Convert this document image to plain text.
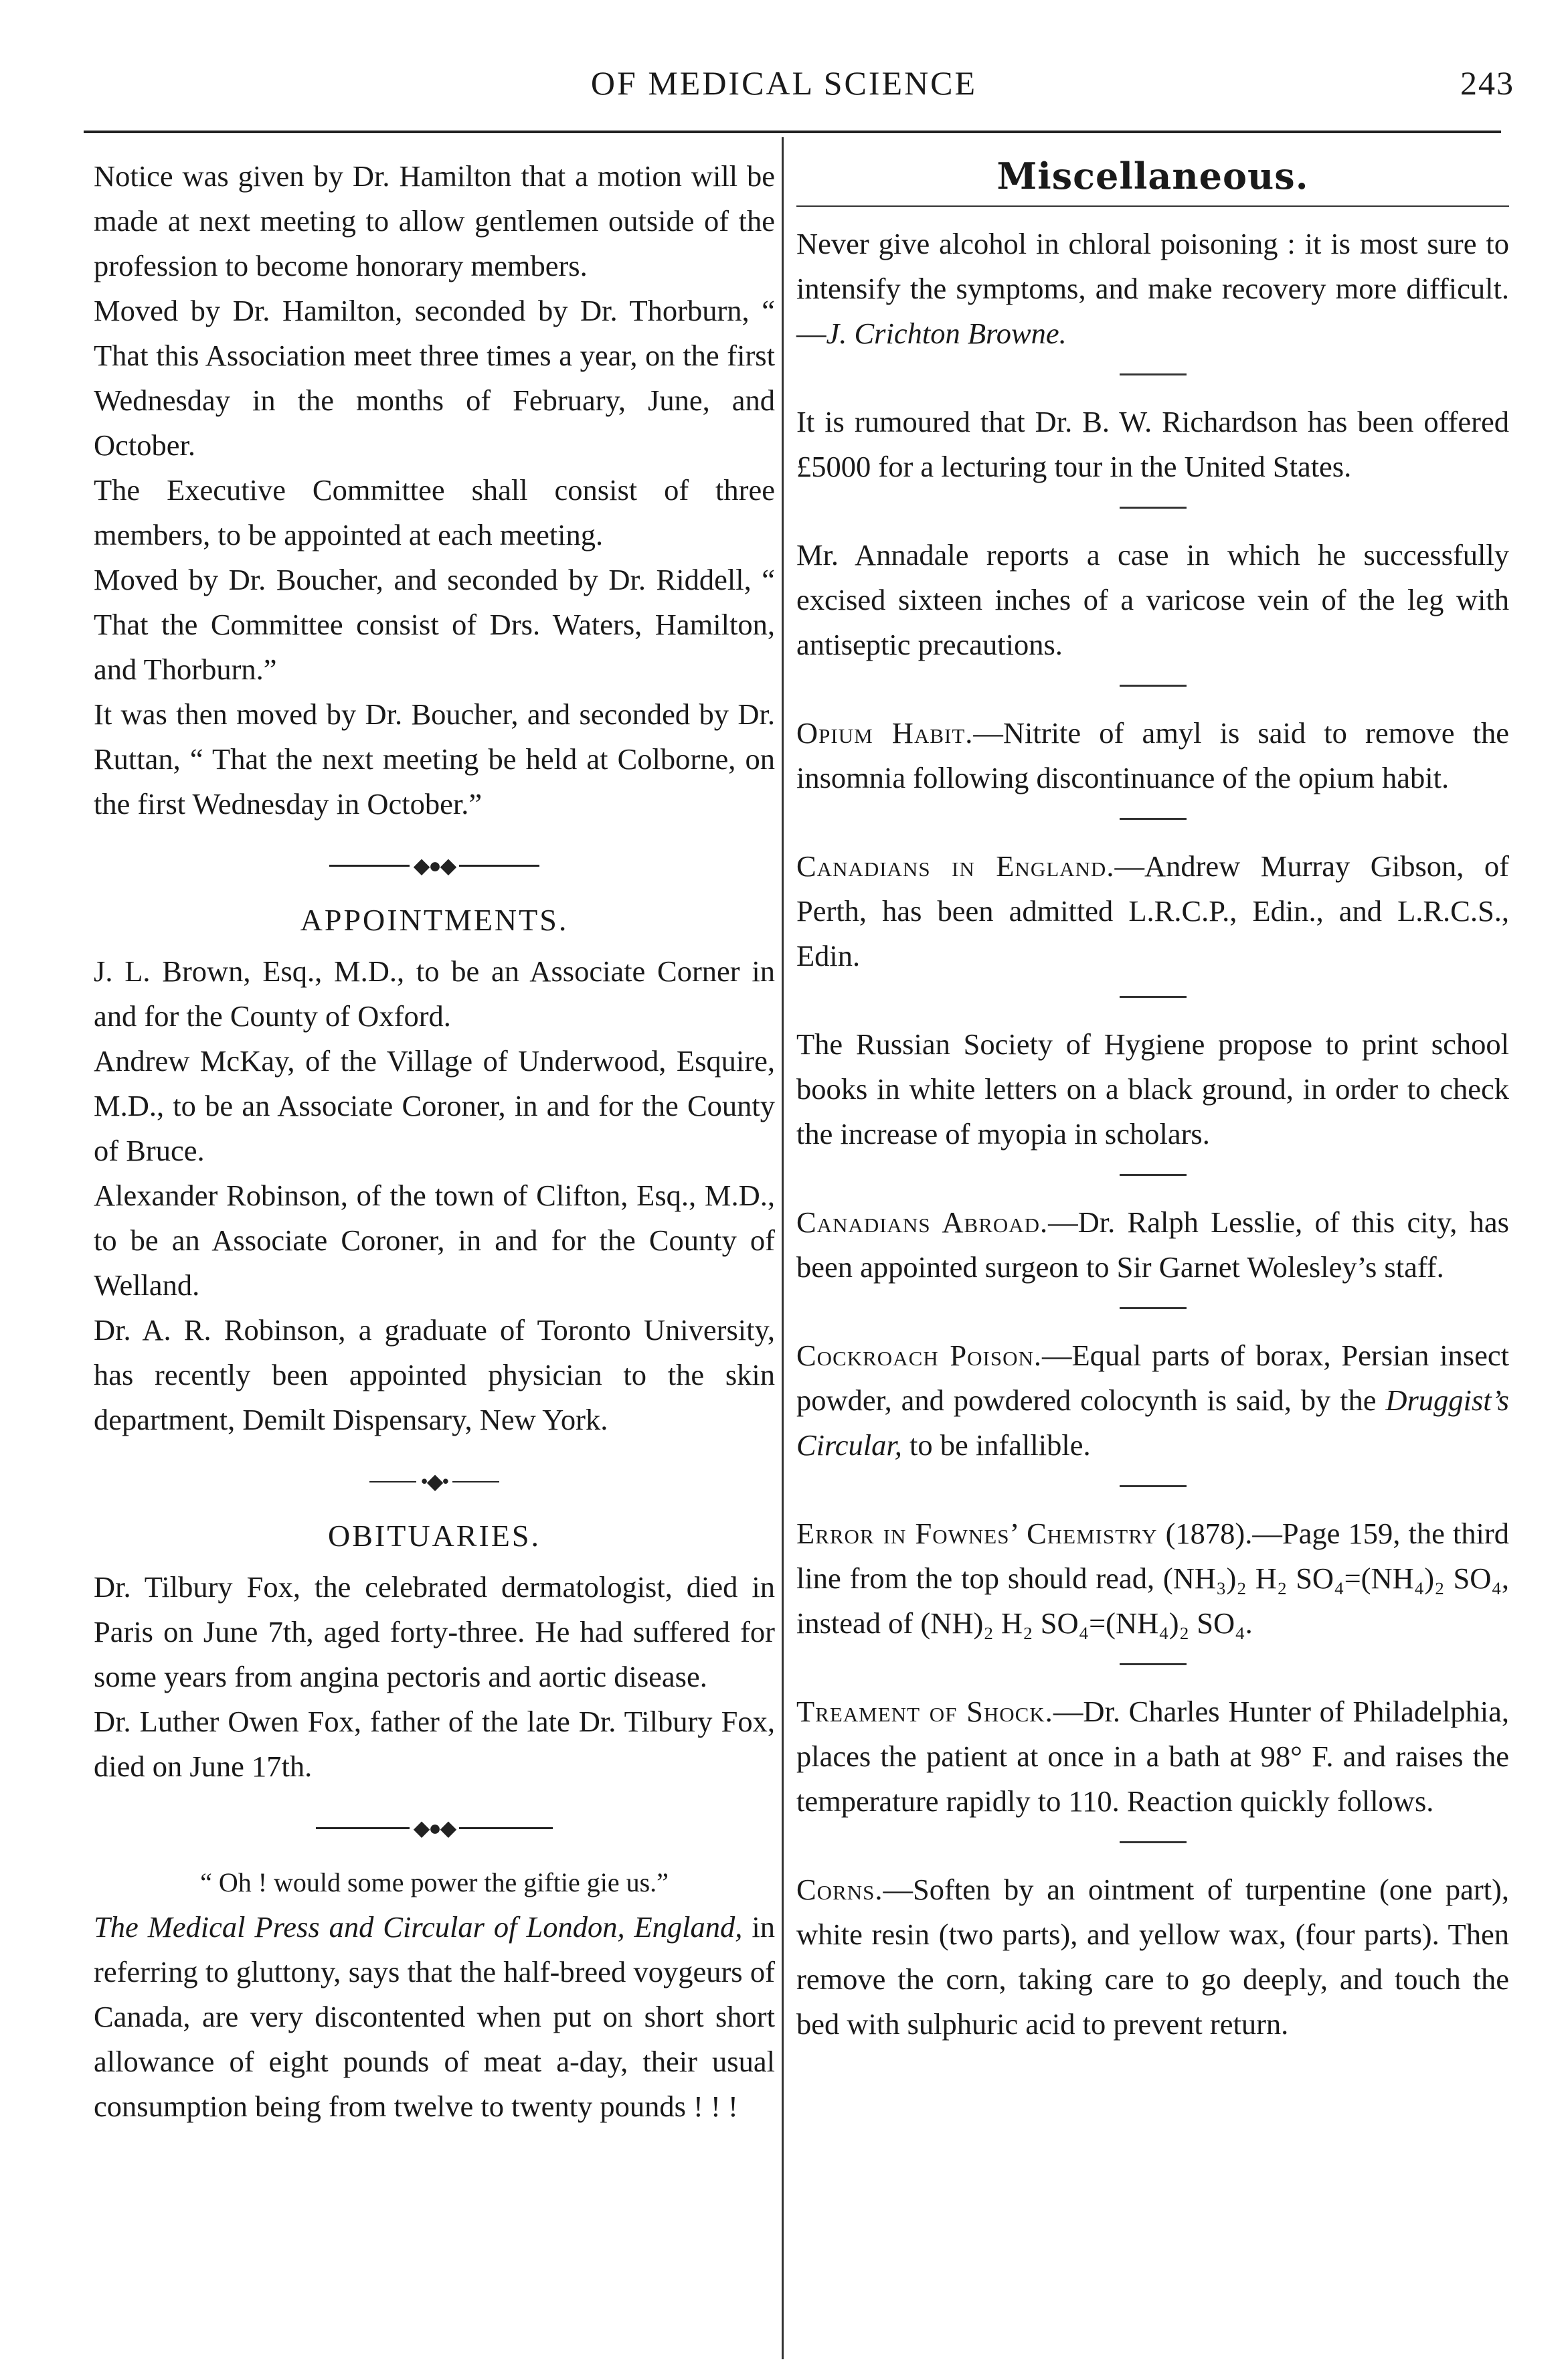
OF MEDICAL SCIENCE	243

Notice was given by Dr. Hamilton that a motion will be made at next meeting to allow gentlemen outside of the profession to become honorary members.

Moved by Dr. Hamilton, seconded by Dr. Thorburn, “ That this Association meet three times a year, on the first Wednesday in the months of February, June, and October.

The Executive Committee shall consist of three members, to be appointed at each meeting.

Moved by Dr. Boucher, and seconded by Dr. Riddell, “ That the Committee consist of Drs. Waters, Hamilton, and Thorburn.”

It was then moved by Dr. Boucher, and seconded by Dr. Ruttan, “ That the next meeting be held at Colborne, on the first Wednesday in October.”

◆●◆
APPOINTMENTS.

J. L. Brown, Esq., M.D., to be an Associate Corner in and for the County of Oxford.

Andrew McKay, of the Village of Underwood, Esquire, M.D., to be an Associate Coroner, in and for the County of Bruce.

Alexander Robinson, of the town of Clifton, Esq., M.D., to be an Associate Coroner, in and for the County of Welland.

Dr. A. R. Robinson, a graduate of Toronto University, has recently been appointed physician to the skin department, Demilt Dispensary, New York.

•◆•
OBITUARIES.

Dr. Tilbury Fox, the celebrated dermatologist, died in Paris on June 7th, aged forty-three. He had suffered for some years from angina pectoris and aortic disease.

Dr. Luther Owen Fox, father of the late Dr. Tilbury Fox, died on June 17th.

◆●◆
“ Oh ! would some power the giftie gie us.”

The Medical Press and Circular of London, England, in referring to gluttony, says that the half-breed voygeurs of Canada, are very discontented when put on short short allowance of eight pounds of meat a-day, their usual consumption being from twelve to twenty pounds ! ! !

Miscellaneous.

Never give alcohol in chloral poisoning : it is most sure to intensify the symptoms, and make recovery more difficult.—J. Crichton Browne.

It is rumoured that Dr. B. W. Richardson has been offered £5000 for a lecturing tour in the United States.

Mr. Annadale reports a case in which he successfully excised sixteen inches of a varicose vein of the leg with antiseptic precautions.

Opium Habit.—Nitrite of amyl is said to remove the insomnia following discontinuance of the opium habit.

Canadians in England.—Andrew Murray Gibson, of Perth, has been admitted L.R.C.P., Edin., and L.R.C.S., Edin.

The Russian Society of Hygiene propose to print school books in white letters on a black ground, in order to check the increase of myopia in scholars.

Canadians Abroad.—Dr. Ralph Lesslie, of this city, has been appointed surgeon to Sir Garnet Wolesley’s staff.

Cockroach Poison.—Equal parts of borax, Persian insect powder, and powdered colocynth is said, by the Druggist’s Circular, to be infallible.

Error in Fownes’ Chemistry (1878).—Page 159, the third line from the top should read, (NH₃)₂ H₂ SO₄=(NH₄)₂ SO₄, instead of (NH)₂ H₂ SO₄=(NH₄)₂ SO₄.

Treament of Shock.—Dr. Charles Hunter of Philadelphia, places the patient at once in a bath at 98° F. and raises the temperature rapidly to 110. Reaction quickly follows.

Corns.—Soften by an ointment of turpentine (one part), white resin (two parts), and yellow wax, (four parts). Then remove the corn, taking care to go deeply, and touch the bed with sulphuric acid to prevent return.
